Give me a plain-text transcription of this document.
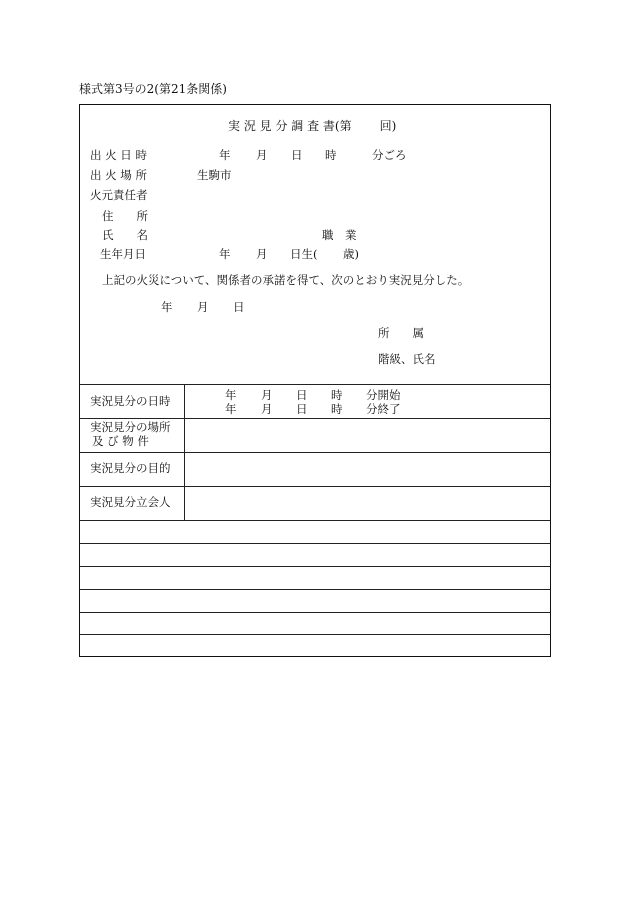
様式第3号の2(第21条関係)
実 況 見 分 調 査 書(第 回)
出 火 日 時	年 月 日 時	分ごろ
出 火 場 所	生駒市
火元責任者
住　　所
氏　　名	職　業
生年月日	年 月 日生( 歳)
上記の火災について、関係者の承諾を得て、次のとおり実況見分した。
年 月 日
所　　属
階級、氏名
実況見分の日時	年 月 日 時 分開始
年 月 日 時 分終了
実況見分の場所
及 び 物 件
実況見分の目的
実況見分立会人
